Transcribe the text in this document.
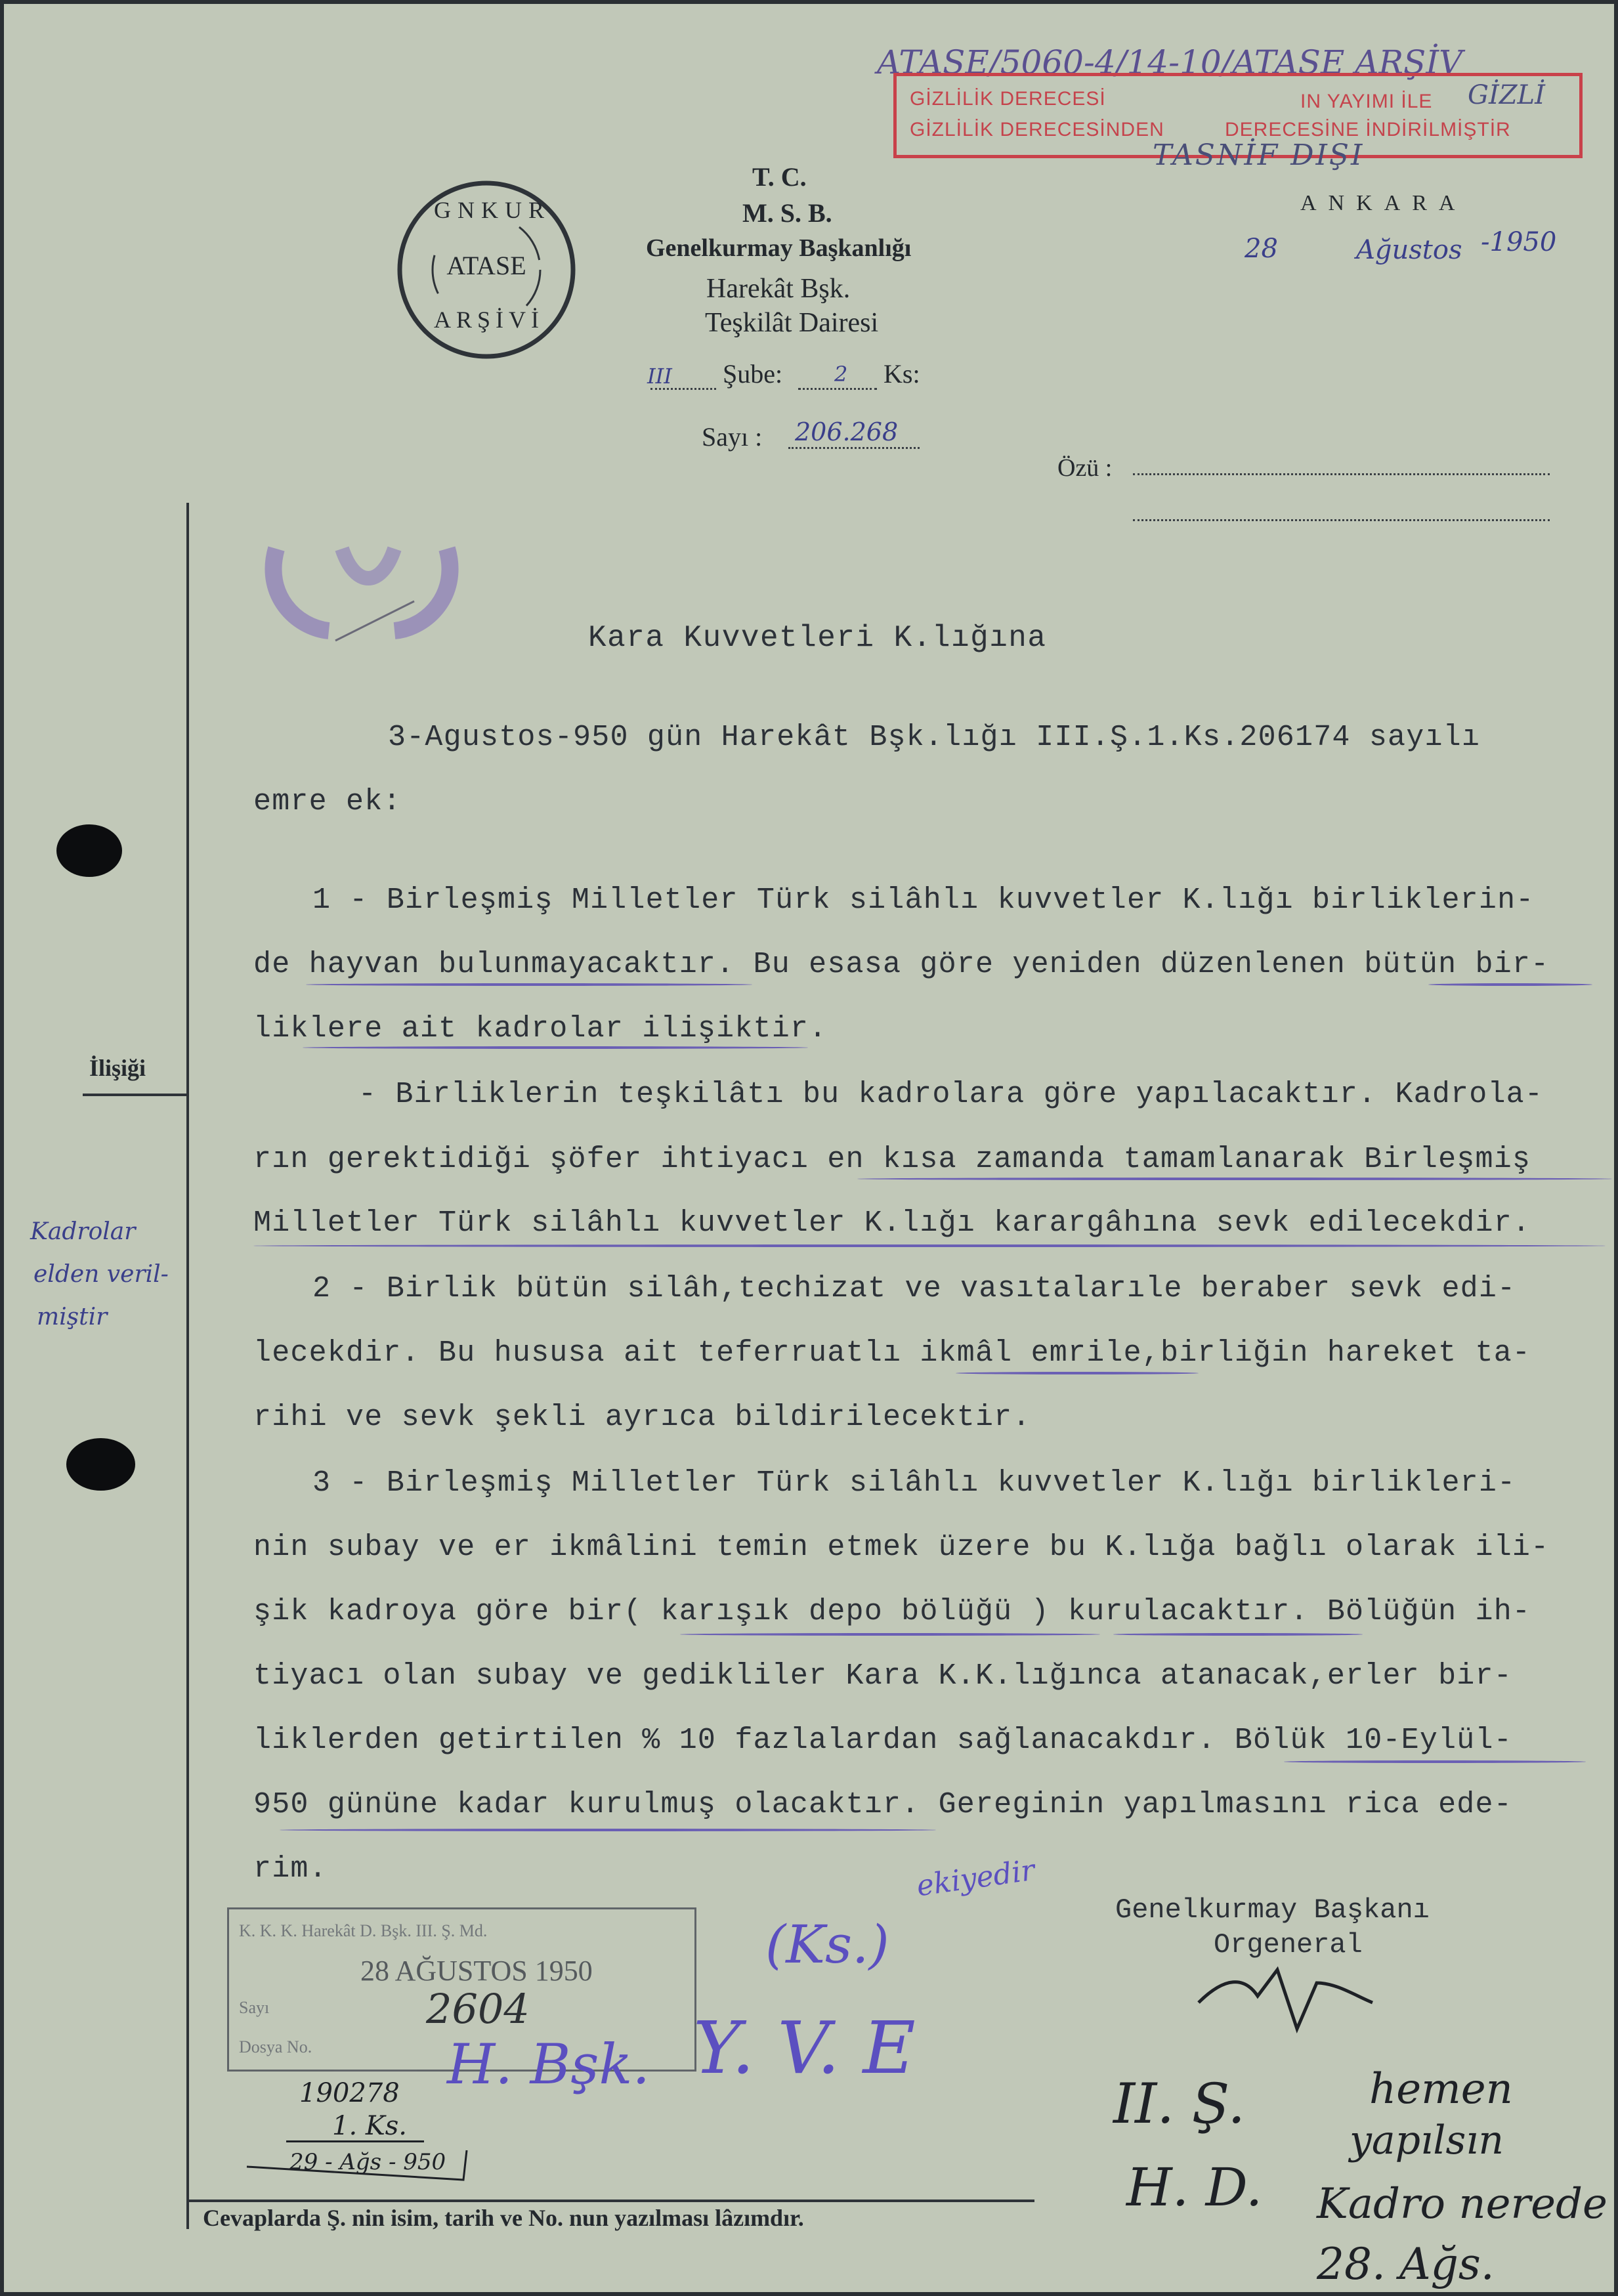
ATASE/5060-4/14-10/ATASE ARŞİV
GİZLİLİK DERECESİ
GİZLİLİK DERECESİNDEN
IN YAYIMI İLE GİZLİ
DERECESİNE İNDİRİLMİŞTİR
TASNİF DIŞI
GNKUR
ATASE
ARŞİVİ
T. C.
M. S. B.
Genelkurmay Başkanlığı
Harekât Bşk.
Teşkilât Dairesi
III Şube: 2 Ks:
Sayı : 206.268
ANKARA
28	Ağustos -1950
Özü :
İlişiği
Kadrolar
elden veril-
miştir
Kara Kuvvetleri K.lığına
3-Agustos-950 gün Harekât Bşk.lığı III.Ş.1.Ks.206174 sayılı
emre ek:
1 - Birleşmiş Milletler Türk silâhlı kuvvetler K.lığı birliklerin-
de hayvan bulunmayacaktır. Bu esasa göre yeniden düzenlenen bütün bir-
liklere ait kadrolar ilişiktir.
- Birliklerin teşkilâtı bu kadrolara göre yapılacaktır. Kadrola-
rın gerektidiği şöfer ihtiyacı en kısa zamanda tamamlanarak Birleşmiş
Milletler Türk silâhlı kuvvetler K.lığı karargâhına sevk edilecekdir.
2 - Birlik bütün silâh,techizat ve vasıtalarıle beraber sevk edi-
lecekdir. Bu hususa ait teferruatlı ikmâl emrile,birliğin hareket ta-
rihi ve sevk şekli ayrıca bildirilecektir.
3 - Birleşmiş Milletler Türk silâhlı kuvvetler K.lığı birlikleri-
nin subay ve er ikmâlini temin etmek üzere bu K.lığa bağlı olarak ili-
şik kadroya göre bir( karışık depo bölüğü ) kurulacaktır. Bölüğün ih-
tiyacı olan subay ve gedikliler Kara K.K.lığınca atanacak,erler bir-
liklerden getirtilen % 10 fazlalardan sağlanacakdır. Bölük 10-Eylül-
950 gününe kadar kurulmuş olacaktır. Gereginin yapılmasını rica ede-
rim.
Genelkurmay Başkanı
Orgeneral
ekiyedir
(Ks.)
K. K. K. Harekât D. Bşk. III. Ş. Md.
28 AĞUSTOS 1950
Sayı	2604
Dosya No. H. Bşk. Y. V. E
190278
1. Ks.
29 - Ağs - 950
II. Ş.
H. D.
hemen
yapılsın
Kadro nerede
28. Ağs.
Cevaplarda Ş. nin isim, tarih ve No. nun yazılması lâzımdır.
